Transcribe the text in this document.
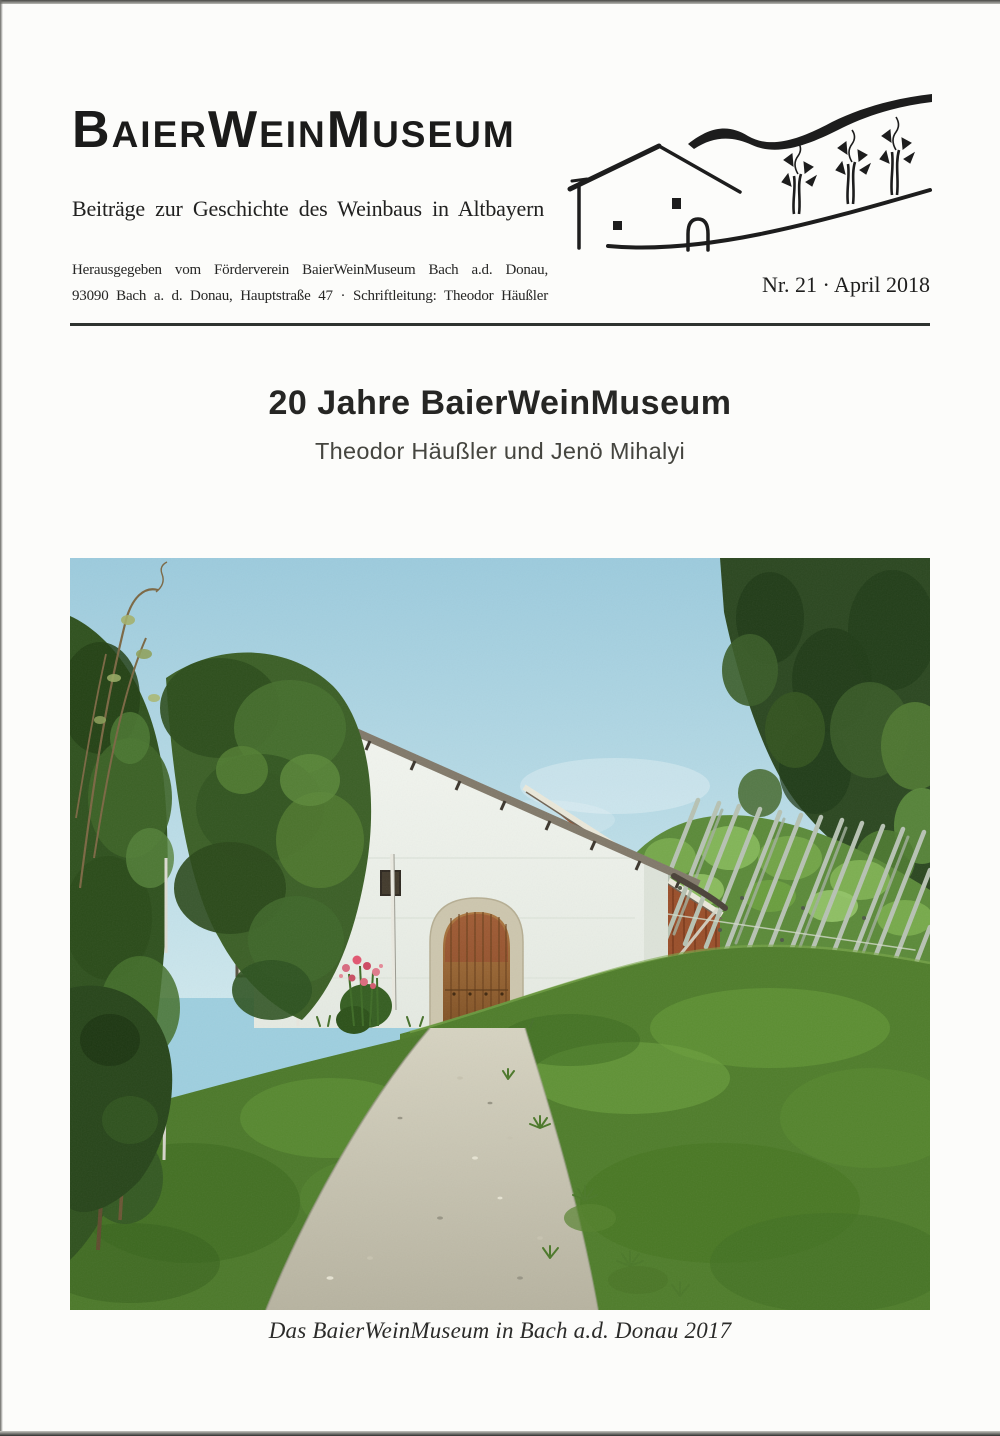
BAIERWEINMUSEUM
Beiträge zur Geschichte des Weinbaus in Altbayern
Herausgegeben vom Förderverein BaierWeinMuseum Bach a.d. Donau,
93090 Bach a. d. Donau, Hauptstraße 47 · Schriftleitung: Theodor Häußler	Nr. 21 · April 2018
20 Jahre BaierWeinMuseum
Theodor Häußler und Jenö Mihalyi
Das BaierWeinMuseum in Bach a.d. Donau 2017
